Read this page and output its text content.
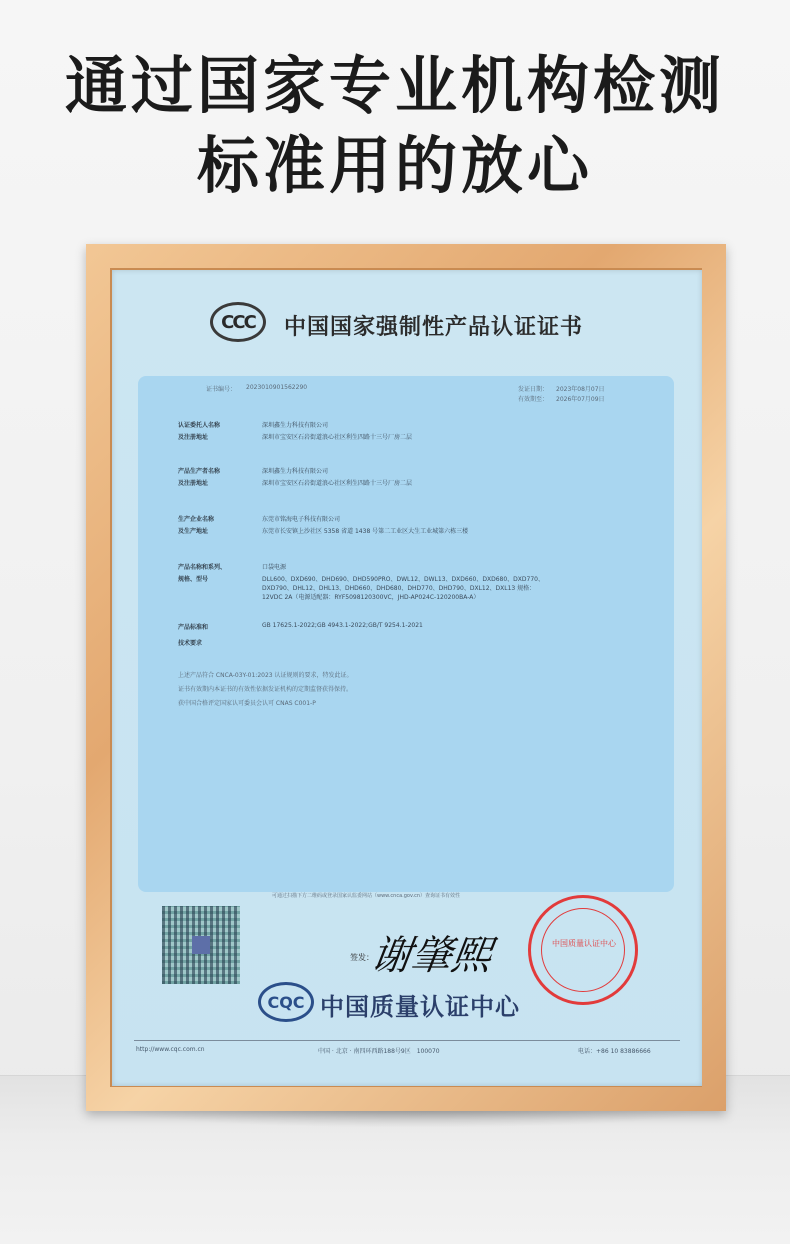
通过国家专业机构检测
标准用的放心
CCC	中国国家强制性产品认证证书
证书编号： 2023010901562290	发证日期： 2023年08月07日
有效期至： 2026年07月09日
认证委托人名称	深圳鑫生力科技有限公司
及注册地址	深圳市宝安区石岩街道浪心社区利生四路十三号厂房二层
产品生产者名称	深圳鑫生力科技有限公司
及注册地址	深圳市宝安区石岩街道浪心社区利生四路十三号厂房二层
生产企业名称	东莞市铭海电子科技有限公司
及生产地址	东莞市长安镇上沙社区 5358 省道 1438 号第二工业区大生工业城第六栋三楼
产品名称和系列、	口袋电源
规格、型号	DLL600、DXD690、DHD690、DHD590PRO、DWL12、DWL13、DXD660、DXD680、DXD770、
DXD790、DHL12、DHL13、DHD660、DHD680、DHD770、DHD790、DXL12、DXL13 规格：
12VDC 2A（电源适配器：RYF5098120300VC，JHD-AP024C-120200BA-A）
产品标准和	GB 17625.1-2022;GB 4943.1-2022;GB/T 9254.1-2021
技术要求
上述产品符合 CNCA-03Y-01:2023 认证规则的要求，特发此证。
证书有效期内本证书的有效性依据发证机构的定期监督获得保持。
获中国合格评定国家认可委员会认可 CNAS C001-P
可通过扫描下方二维码或登录国家认监委网站（www.cnca.gov.cn）查询证书有效性
签发：
谢肇熙
CQC 中国质量认证中心
中国质量认证中心
http://www.cqc.com.cn	中国 · 北京 · 南四环西路188号9区　100070	电话：+86 10 83886666
